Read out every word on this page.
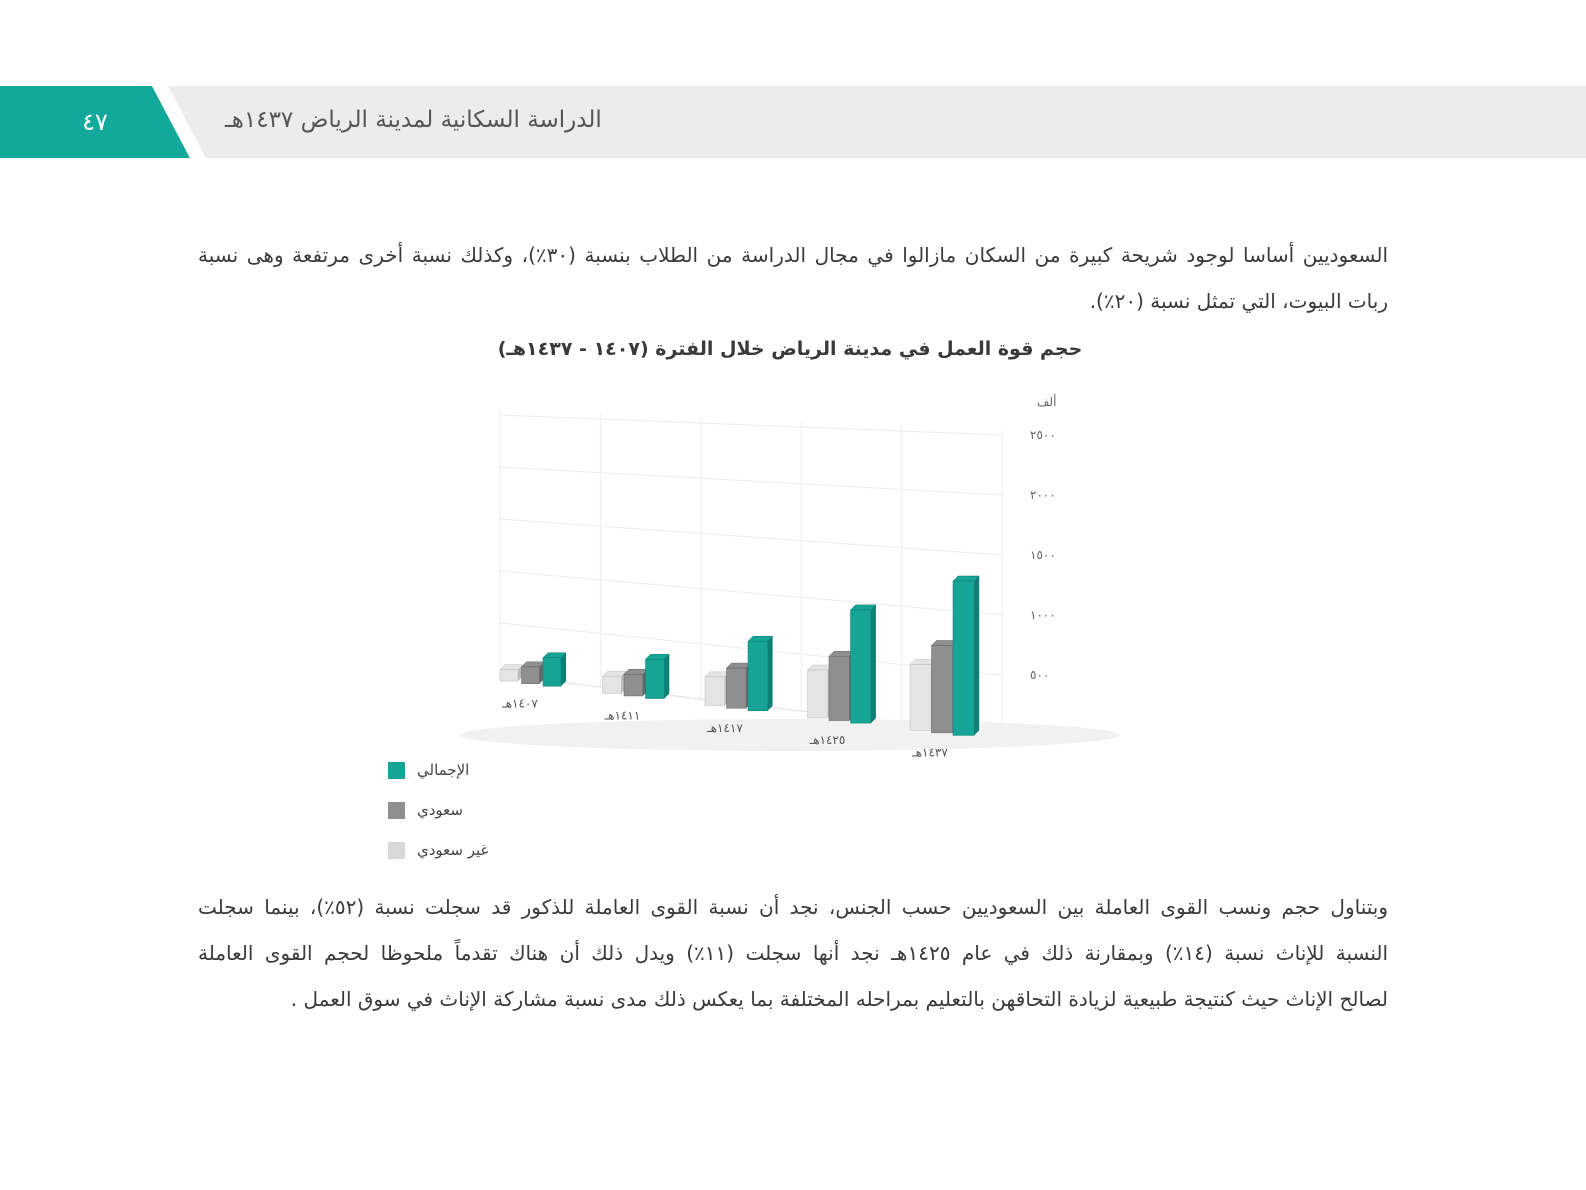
٤٧	الدراسة السكانية لمدينة الرياض ١٤٣٧هـ

السعوديين أساسا لوجود شريحة كبيرة من السكان مازالوا في مجال الدراسة من الطلاب بنسبة (٣٠٪)، وكذلك نسبة أخرى مرتفعة وهى نسبة

ربات البيوت، التي تمثل نسبة (٢٠٪).

حجم قوة العمل في مدينة الرياض خلال الفترة (١٤٠٧ - ١٤٣٧هـ)
٥٠٠
١٠٠٠
١٥٠٠
٢٠٠٠
٢٥٠٠
ألف
١٤٠٧هـ
١٤١١هـ
١٤١٧هـ
١٤٢٥هـ
١٤٣٧هـ
الإجمالي
سعودي
غير سعودي

وبتناول حجم ونسب القوى العاملة بين السعوديين حسب الجنس، نجد أن نسبة القوى العاملة للذكور قد سجلت نسبة (٥٢٪)، بينما سجلت

النسبة للإناث نسبة (١٤٪) وبمقارنة ذلك في عام ١٤٢٥هـ نجد أنها سجلت (١١٪) ويدل ذلك أن هناك تقدماً ملحوظا لحجم القوى العاملة

لصالح الإناث حيث كنتيجة طبيعية لزيادة التحاقهن بالتعليم بمراحله المختلفة بما يعكس ذلك مدى نسبة مشاركة الإناث في سوق العمل .
